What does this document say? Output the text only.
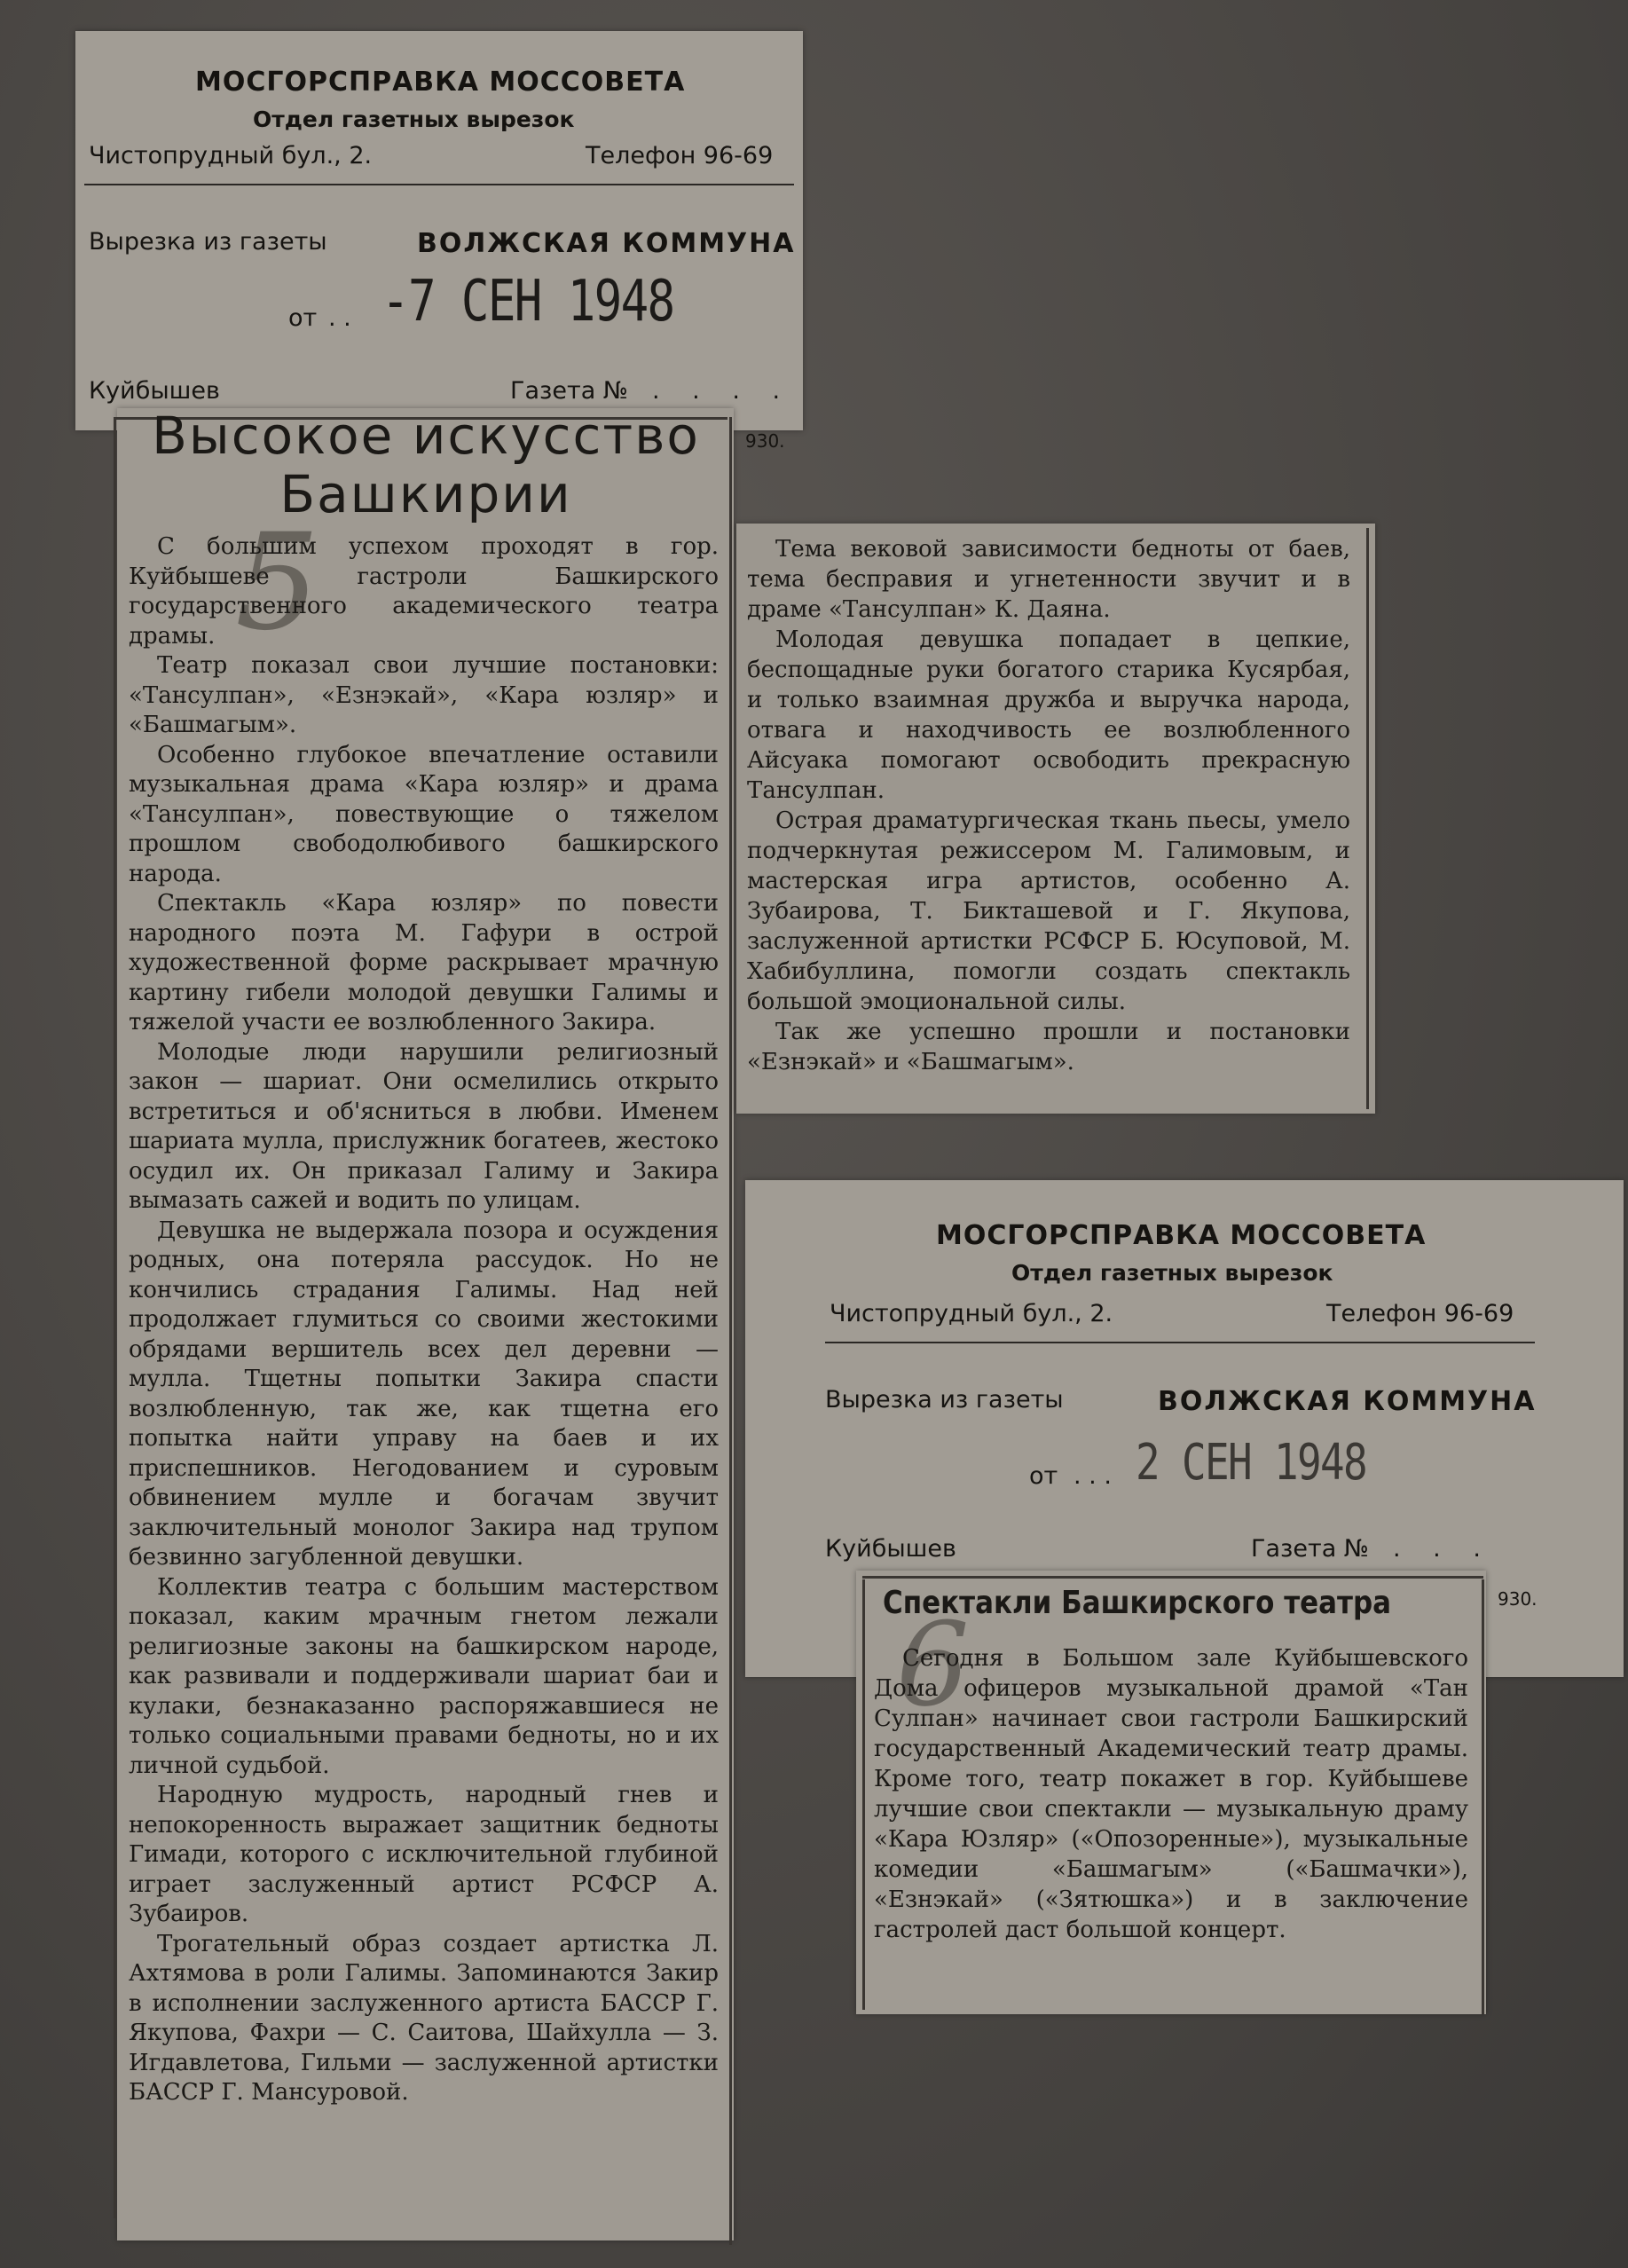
МОСГОРСПРАВКА МОССОВЕТА
Отдел газетных вырезок
Чистопрудный бул., 2.	Телефон 96-69
Вырезка из газеты	ВОЛЖСКАЯ КОММУНА
от . . -7 СЕН 1948
Куйбышев	Газета № . . . .
930.
Высокое искусство
Башкирии
5

С большим успехом проходят в гор. Куйбышеве гастроли Башкирского государственного академического театра драмы.

Театр показал свои лучшие постановки: «Тансулпан», «Езнэкай», «Кара юзляр» и «Башмагым».

Особенно глубокое впечатление оставили музыкальная драма «Кара юзляр» и драма «Тансулпан», повествующие о тяжелом прошлом свободолюбивого башкирского народа.

Спектакль «Кара юзляр» по повести народного поэта М. Гафури в острой художественной форме раскрывает мрачную картину гибели молодой девушки Галимы и тяжелой участи ее возлюбленного Закира.

Молодые люди нарушили религиозный закон — шариат. Они осмелились открыто встретиться и об'ясниться в любви. Именем шариата мулла, прислужник богатеев, жестоко осудил их. Он приказал Галиму и Закира вымазать сажей и водить по улицам.

Девушка не выдержала позора и осуждения родных, она потеряла рассудок. Но не кончились страдания Галимы. Над ней продолжает глумиться со своими жестокими обрядами вершитель всех дел деревни — мулла. Тщетны попытки Закира спасти возлюбленную, так же, как тщетна его попытка найти управу на баев и их приспешников. Негодованием и суровым обвинением мулле и богачам звучит заключительный монолог Закира над трупом безвинно загубленной девушки.

Коллектив театра с большим мастерством показал, каким мрачным гнетом лежали религиозные законы на башкирском народе, как развивали и поддерживали шариат баи и кулаки, безнаказанно распоряжавшиеся не только социальными правами бедноты, но и их личной судьбой.

Народную мудрость, народный гнев и непокоренность выражает защитник бедноты Гимади, которого с исключительной глубиной играет заслуженный артист РСФСР А. Зубаиров.

Трогательный образ создает артистка Л. Ахтямова в роли Галимы. Запоминаются Закир в исполнении заслуженного артиста БАССР Г. Якупова, Фахри — С. Саитова, Шайхулла — З. Игдавлетова, Гильми — заслуженной артистки БАССР Г. Мансуровой.

Тема вековой зависимости бедноты от баев, тема бесправия и угнетенности звучит и в драме «Тансулпан» К. Даяна.

Молодая девушка попадает в цепкие, беспощадные руки богатого старика Кусярбая, и только взаимная дружба и выручка народа, отвага и находчивость ее возлюбленного Айсуака помогают освободить прекрасную Тансулпан.

Острая драматургическая ткань пьесы, умело подчеркнутая режиссером М. Галимовым, и мастерская игра артистов, особенно А. Зубаирова, Т. Бикташевой и Г. Якупова, заслуженной артистки РСФСР Б. Юсуповой, М. Хабибуллина, помогли создать спектакль большой эмоциональной силы.

Так же успешно прошли и постановки «Езнэкай» и «Башмагым».

МОСГОРСПРАВКА МОССОВЕТА
Отдел газетных вырезок
Чистопрудный бул., 2.	Телефон 96-69
Вырезка из газеты	ВОЛЖСКАЯ КОММУНА
от . . . 2 СЕН 1948
Куйбышев	Газета № . . .
930.
Спектакли Башкирского театра
6

Сегодня в Большом зале Куйбышевского Дома офицеров музыкальной драмой «Тан Сулпан» начинает свои гастроли Башкирский государственный Академический театр драмы. Кроме того, театр покажет в гор. Куйбышеве лучшие свои спектакли — музыкальную драму «Кара Юзляр» («Опозоренные»), музыкальные комедии «Башмагым» («Башмачки»), «Езнэкай» («Зятюшка») и в заключение гастролей даст большой концерт.
